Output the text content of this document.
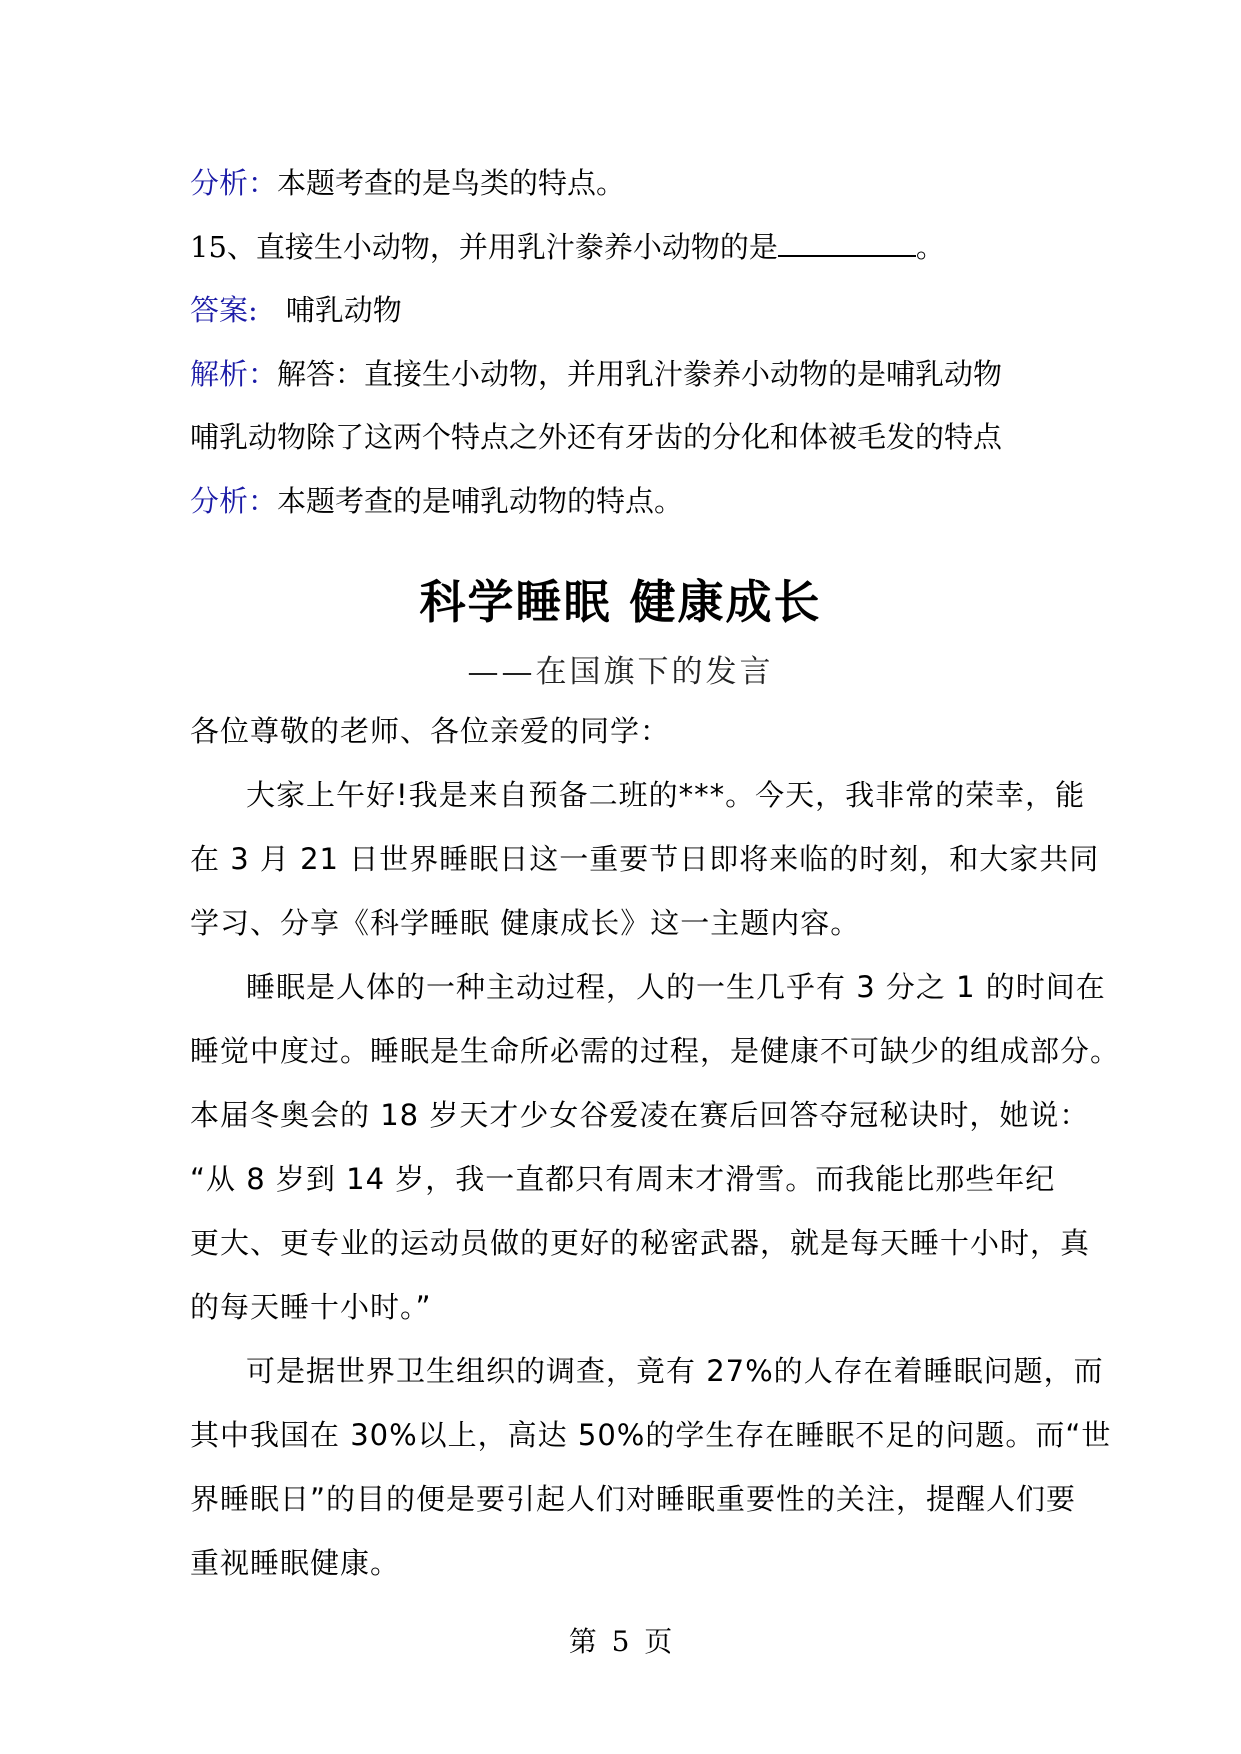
分析：本题考查的是鸟类的特点。
15、直接生小动物，并用乳汁豢养小动物的是	。
答案: 哺乳动物
解析：解答：直接生小动物，并用乳汁豢养小动物的是哺乳动物
哺乳动物除了这两个特点之外还有牙齿的分化和体被毛发的特点
分析：本题考查的是哺乳动物的特点。
科学睡眠 健康成长
——在国旗下的发言
各位尊敬的老师、各位亲爱的同学：
大家上午好!我是来自预备二班的***。今天，我非常的荣幸，能
在 3 月 21 日世界睡眠日这一重要节日即将来临的时刻，和大家共同
学习、分享《科学睡眠 健康成长》这一主题内容。
睡眠是人体的一种主动过程，人的一生几乎有 3 分之 1 的时间在
睡觉中度过。睡眠是生命所必需的过程，是健康不可缺少的组成部分。
本届冬奥会的 18 岁天才少女谷爱凌在赛后回答夺冠秘诀时，她说：
“从 8 岁到 14 岁，我一直都只有周末才滑雪。而我能比那些年纪
更大、更专业的运动员做的更好的秘密武器，就是每天睡十小时，真
的每天睡十小时。”
可是据世界卫生组织的调查，竟有 27%的人存在着睡眠问题，而
其中我国在 30%以上，高达 50%的学生存在睡眠不足的问题。而“世
界睡眠日”的目的便是要引起人们对睡眠重要性的关注，提醒人们要
重视睡眠健康。
第 5 页
